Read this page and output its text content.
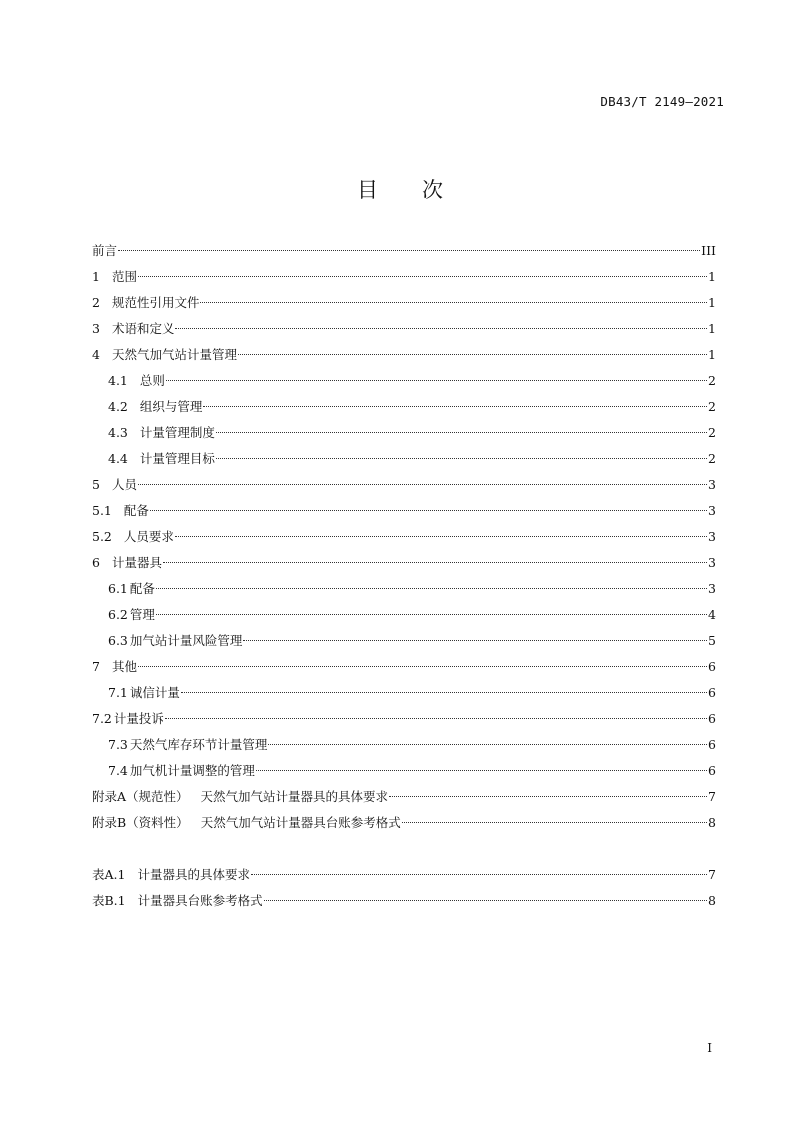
DB43/T 2149—2021
目 次
前言	III
1 范围	1
2 规范性引用文件	1
3 术语和定义	1
4 天然气加气站计量管理	1
4.1 总则	2
4.2 组织与管理	2
4.3 计量管理制度	2
4.4 计量管理目标	2
5 人员	3
5.1 配备	3
5.2 人员要求	3
6 计量器具	3
6.1 配备	3
6.2 管理	4
6.3 加气站计量风险管理	5
7 其他	6
7.1 诚信计量	6
7.2 计量投诉	6
7.3 天然气库存环节计量管理	6
7.4 加气机计量调整的管理	6
附录A（规范性） 天然气加气站计量器具的具体要求	7
附录B（资料性） 天然气加气站计量器具台账参考格式	8
表A.1 计量器具的具体要求	7
表B.1 计量器具台账参考格式	8
I
